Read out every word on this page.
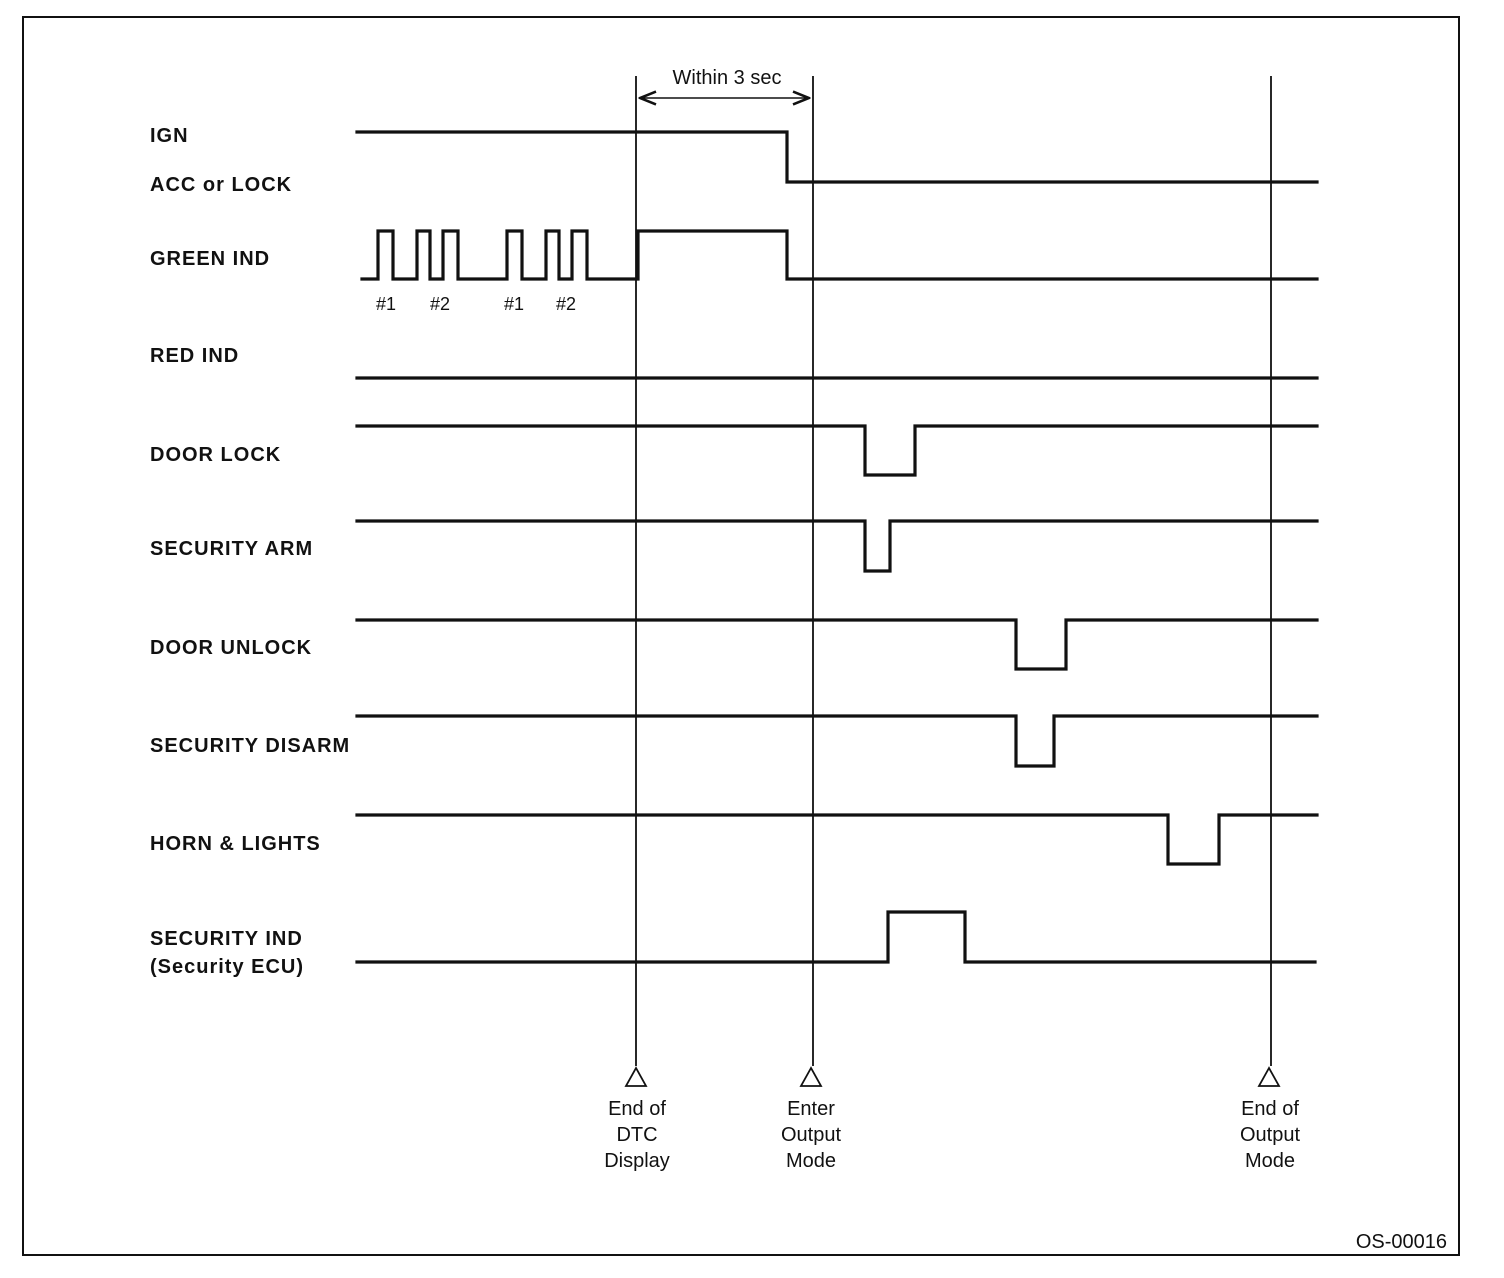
Within 3 sec
IGN
ACC or LOCK
GREEN IND
#1 #2	#1 #2
RED IND
DOOR LOCK
SECURITY ARM
DOOR UNLOCK
SECURITY DISARM
HORN & LIGHTS
SECURITY IND
(Security ECU)
End of
DTC
Display
Enter
Output
Mode
End of
Output
Mode
OS-00016
